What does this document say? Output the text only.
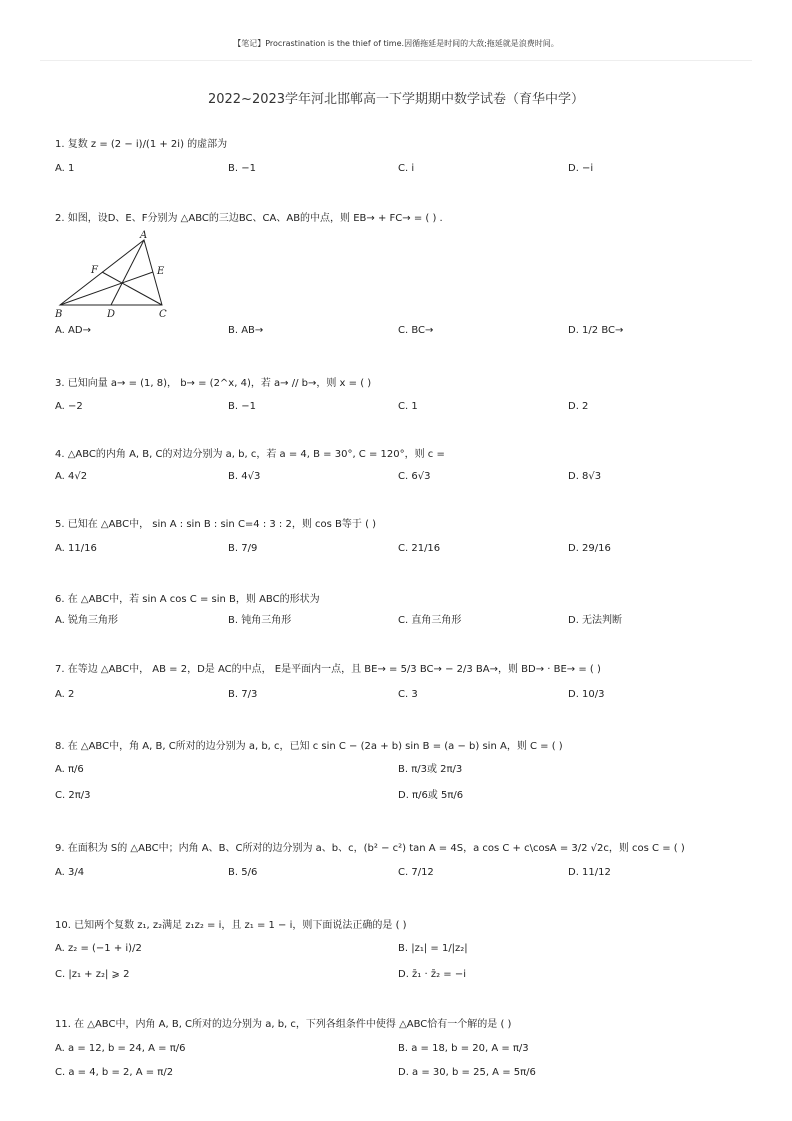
【笔记】Procrastination is the thief of time.因循拖延是时间的大敌;拖延就是浪费时间。
2022~2023学年河北邯郸高一下学期期中数学试卷（育华中学）
1. 复数 z = (2 − i)/(1 + 2i) 的虚部为
A. 1	B. −1	C. i	D. −i
2. 如图，设D、E、F分别为 △ABC的三边BC、CA、AB的中点，则 EB→ + FC→ = ( ) .
A
F	E
B	D	C
A. AD→	B. AB→	C. BC→	D. 1/2 BC→
3. 已知向量 a→ = (1, 8)， b→ = (2^x, 4)，若 a→ // b→，则 x = ( )
A. −2	B. −1	C. 1	D. 2
4. △ABC的内角 A, B, C的对边分别为 a, b, c，若 a = 4, B = 30°, C = 120°，则 c =
A. 4√2	B. 4√3	C. 6√3	D. 8√3
5. 已知在 △ABC中， sin A : sin B : sin C=4 : 3 : 2，则 cos B等于 ( )
A. 11/16	B. 7/9	C. 21/16	D. 29/16
6. 在 △ABC中，若 sin A cos C = sin B，则 ABC的形状为
A. 锐角三角形	B. 钝角三角形	C. 直角三角形	D. 无法判断
7. 在等边 △ABC中， AB = 2，D是 AC的中点， E是平面内一点，且 BE→ = 5/3 BC→ − 2/3 BA→，则 BD→ · BE→ = ( )
A. 2	B. 7/3	C. 3	D. 10/3
8. 在 △ABC中，角 A, B, C所对的边分别为 a, b, c，已知 c sin C − (2a + b) sin B = (a − b) sin A，则 C = ( )
A. π/6	B. π/3或 2π/3
C. 2π/3	D. π/6或 5π/6
9. 在面积为 S的 △ABC中；内角 A、B、C所对的边分别为 a、b、c，(b² − c²) tan A = 4S，a cos C + c\cosA = 3/2 √2c，则 cos C = ( )
A. 3/4	B. 5/6	C. 7/12	D. 11/12
10. 已知两个复数 z₁, z₂满足 z₁z₂ = i，且 z₁ = 1 − i，则下面说法正确的是 ( )
A. z₂ = (−1 + i)/2	B. |z₁| = 1/|z₂|
C. |z₁ + z₂| ⩾ 2	D. z̄₁ · z̄₂ = −i
11. 在 △ABC中，内角 A, B, C所对的边分别为 a, b, c，下列各组条件中使得 △ABC恰有一个解的是 ( )
A. a = 12, b = 24, A = π/6	B. a = 18, b = 20, A = π/3
C. a = 4, b = 2, A = π/2	D. a = 30, b = 25, A = 5π/6
